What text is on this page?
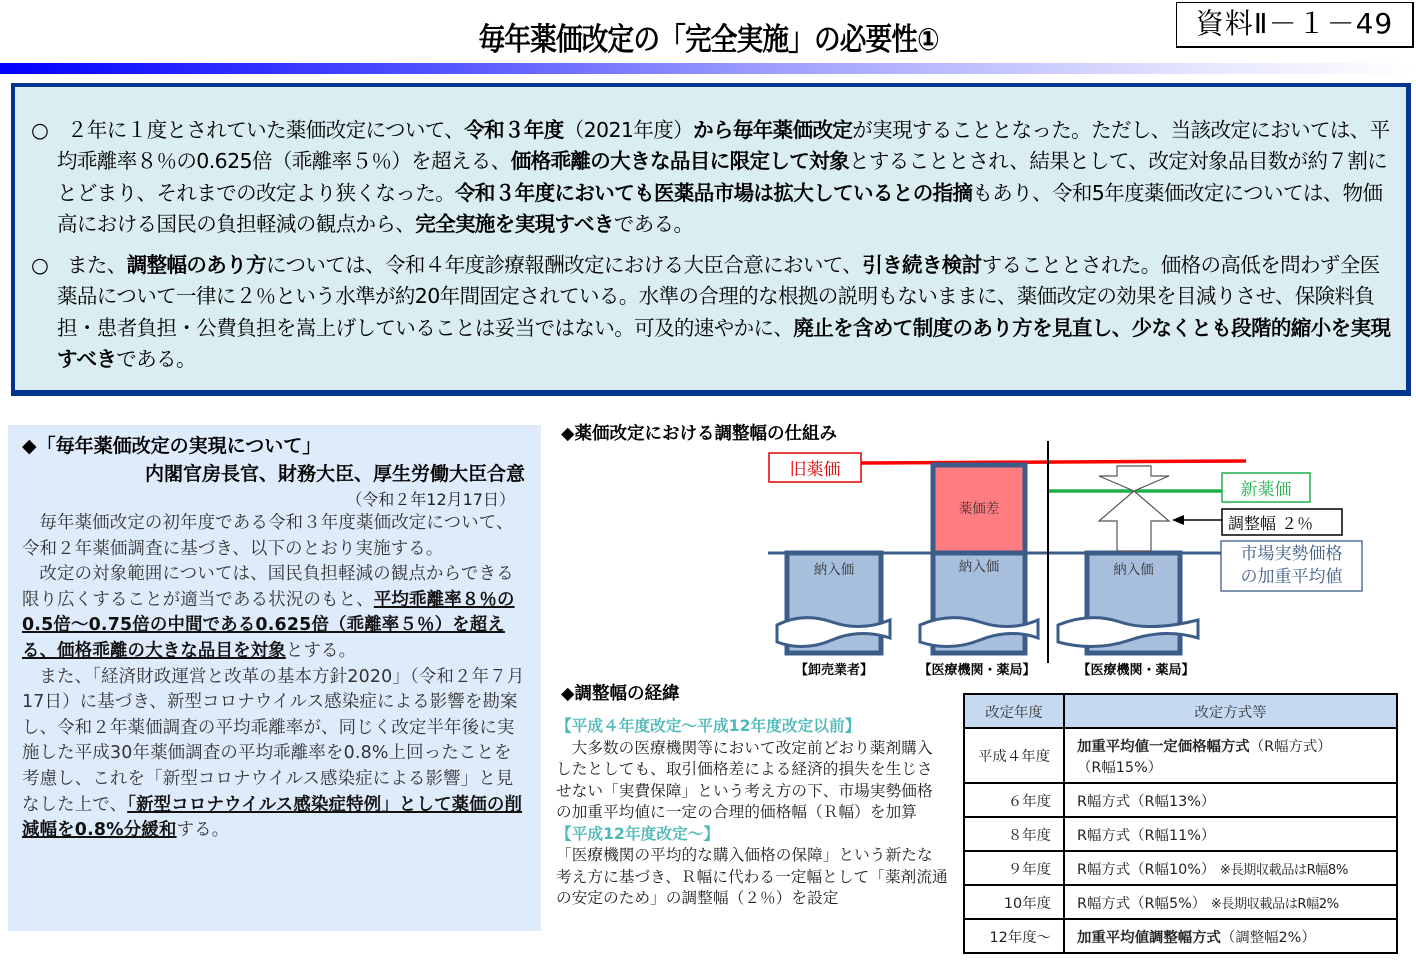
毎年薬価改定の「完全実施」の必要性①	資料Ⅱ－１－49

○ ２年に１度とされていた薬価改定について、令和３年度（2021年度）から毎年薬価改定が実現することとなった。ただし、当該改定においては、平均乖離率８％の0.625倍（乖離率５％）を超える、価格乖離の大きな品目に限定して対象とすることとされ、結果として、改定対象品目数が約７割にとどまり、それまでの改定より狭くなった。令和３年度においても医薬品市場は拡大しているとの指摘もあり、令和5年度薬価改定については、物価高における国民の負担軽減の観点から、完全実施を実現すべきである。

○ また、調整幅のあり方については、令和４年度診療報酬改定における大臣合意において、引き続き検討することとされた。価格の高低を問わず全医薬品について一律に２％という水準が約20年間固定されている。水準の合理的な根拠の説明もないままに、薬価改定の効果を目減りさせ、保険料負担・患者負担・公費負担を嵩上げしていることは妥当ではない。可及的速やかに、廃止を含めて制度のあり方を見直し、少なくとも段階的縮小を実現すべきである。

◆「毎年薬価改定の実現について」
内閣官房長官、財務大臣、厚生労働大臣合意
（令和２年12月17日）

毎年薬価改定の初年度である令和３年度薬価改定について、令和２年薬価調査に基づき、以下のとおり実施する。

改定の対象範囲については、国民負担軽減の観点からできる限り広くすることが適当である状況のもと、平均乖離率８％の0.5倍～0.75倍の中間である0.625倍（乖離率５％）を超える、価格乖離の大きな品目を対象とする。

また、「経済財政運営と改革の基本方針2020」（令和２年７月17日）に基づき、新型コロナウイルス感染症による影響を勘案し、令和２年薬価調査の平均乖離率が、同じく改定半年後に実施した平成30年薬価調査の平均乖離率を0.8%上回ったことを考慮し、これを「新型コロナウイルス感染症による影響」と見なした上で、「新型コロナウイルス感染症特例」として薬価の削減幅を0.8%分緩和する。

◆薬価改定における調整幅の仕組み
旧薬価
新薬価
調整幅 ２％
市場実勢価格
の加重平均値
薬価差
納入価	納入価	納入価
【卸売業者】	【医療機関・薬局】	【医療機関・薬局】
◆調整幅の経緯
【平成４年度改定～平成12年度改定以前】
大多数の医療機関等において改定前どおり薬剤購入したとしても、取引価格差による経済的損失を生じさせない「実費保障」という考え方の下、市場実勢価格の加重平均値に一定の合理的価格幅（Ｒ幅）を加算
【平成12年度改定～】
「医療機関の平均的な購入価格の保障」という新たな考え方に基づき、Ｒ幅に代わる一定幅として「薬剤流通の安定のため」の調整幅（２％）を設定
改定年度	改定方式等
平成４年度	加重平均値一定価格幅方式（R幅方式）
（R幅15%）
６年度	R幅方式（R幅13%）
８年度	R幅方式（R幅11%）
９年度	R幅方式（R幅10%） ※長期収載品はR幅8%
10年度	R幅方式（R幅5%） ※長期収載品はR幅2%
12年度～	加重平均値調整幅方式（調整幅2%）
